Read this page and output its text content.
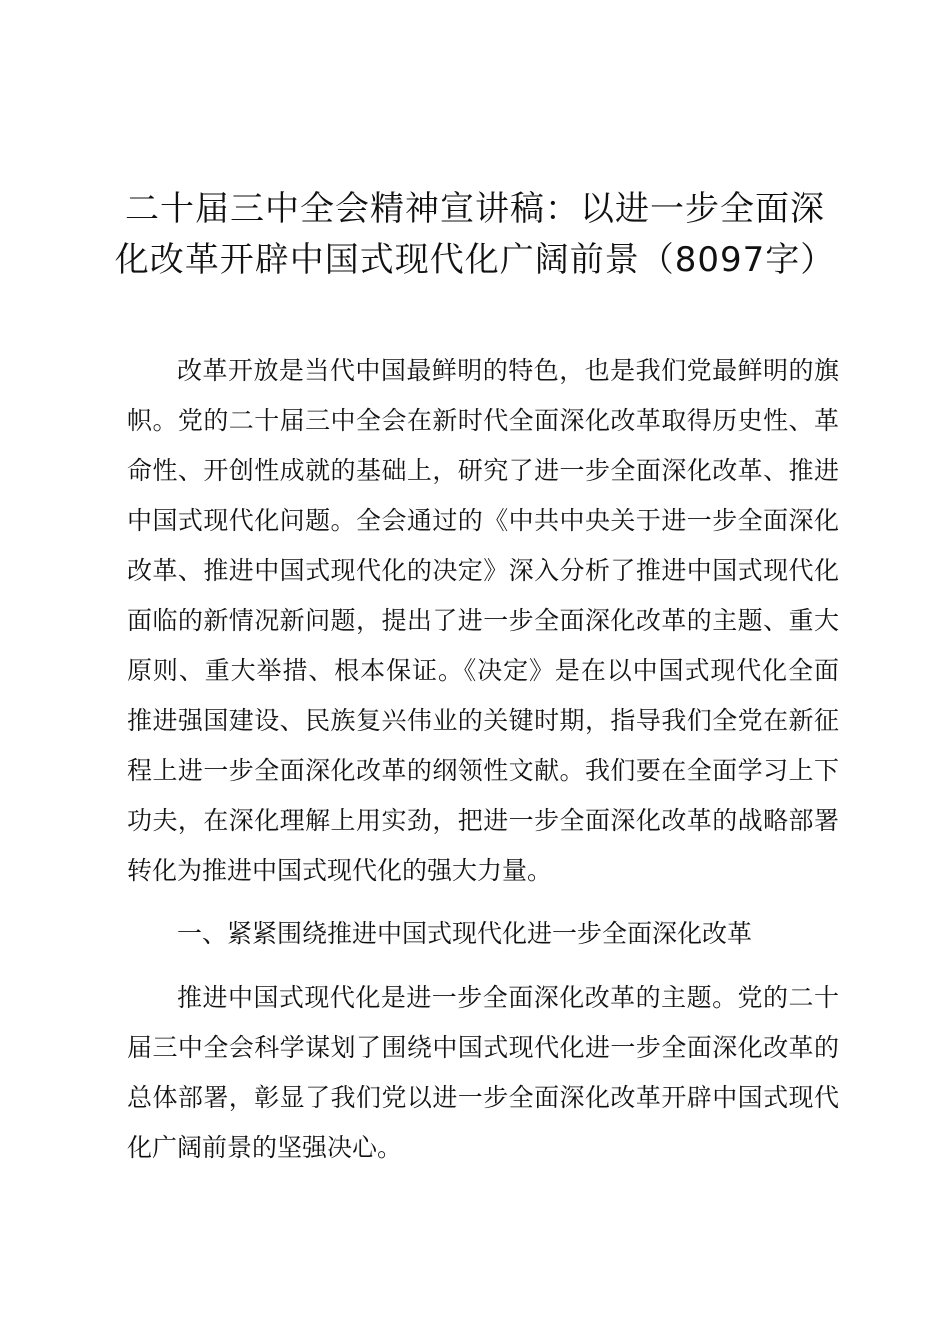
二十届三中全会精神宣讲稿：以进一步全面深化改革开辟中国式现代化广阔前景（8097字）

改革开放是当代中国最鲜明的特色，也是我们党最鲜明的旗帜。党的二十届三中全会在新时代全面深化改革取得历史性、革命性、开创性成就的基础上，研究了进一步全面深化改革、推进中国式现代化问题。全会通过的《中共中央关于进一步全面深化改革、推进中国式现代化的决定》深入分析了推进中国式现代化面临的新情况新问题，提出了进一步全面深化改革的主题、重大原则、重大举措、根本保证。《决定》是在以中国式现代化全面推进强国建设、民族复兴伟业的关键时期，指导我们全党在新征程上进一步全面深化改革的纲领性文献。我们要在全面学习上下功夫，在深化理解上用实劲，把进一步全面深化改革的战略部署转化为推进中国式现代化的强大力量。

一、紧紧围绕推进中国式现代化进一步全面深化改革

推进中国式现代化是进一步全面深化改革的主题。党的二十届三中全会科学谋划了围绕中国式现代化进一步全面深化改革的总体部署，彰显了我们党以进一步全面深化改革开辟中国式现代化广阔前景的坚强决心。
